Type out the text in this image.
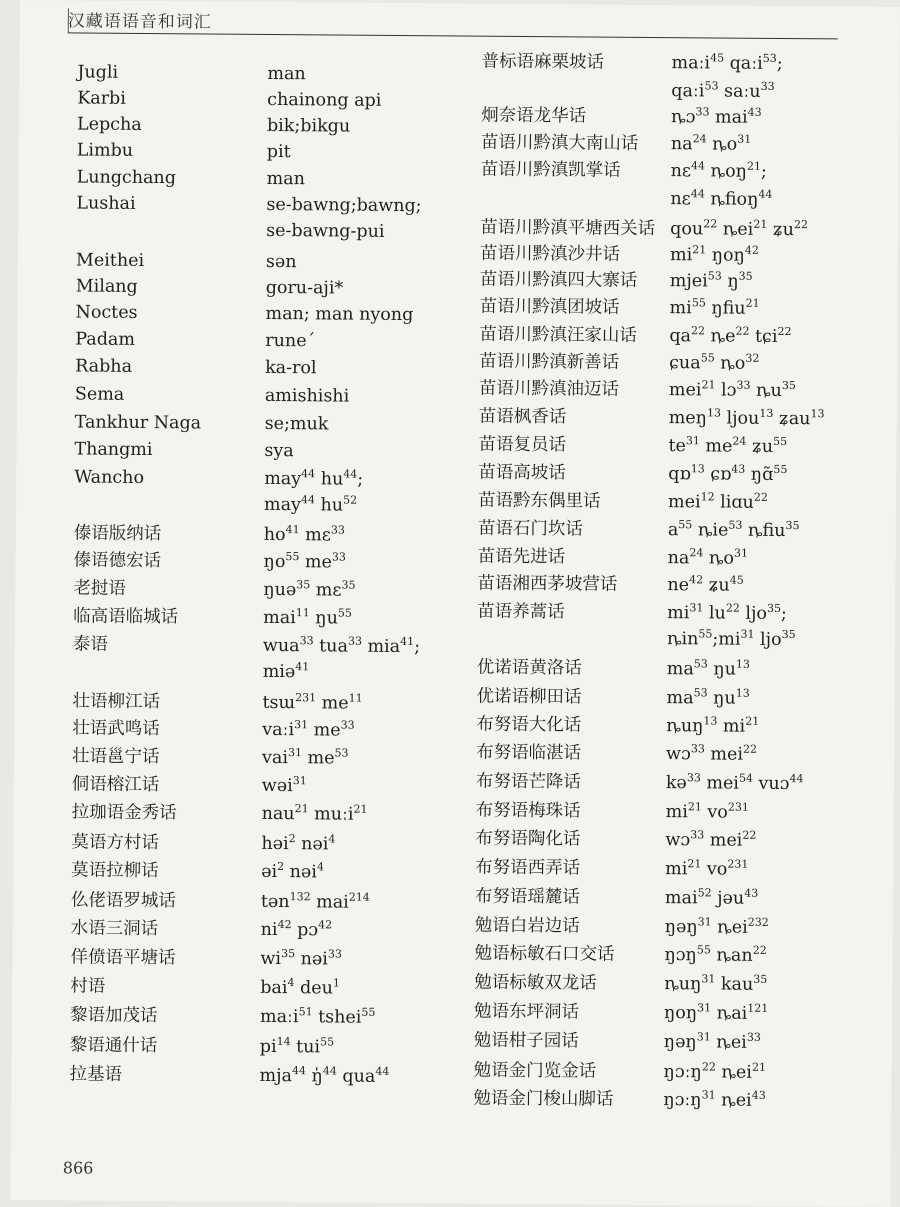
汉藏语语音和词汇
Jugli	man
Karbi	chainong api
Lepcha	bik;bikgu
Limbu	pit
Lungchang	man
Lushai	se-bawng;bawng;
se-bawng-pui
Meithei	sən
Milang	goru-aji*
Noctes	man; man nyong
Padam	rune´
Rabha	ka-rol
Sema	amishishi
Tankhur Naga	se;muk
Thangmi	sya
Wancho	may$^{44}$ $hu^{44}$;
may$^{44}$ $hu^{52}$
傣语版纳话	$ho^{41}$ mɛ$^{33}$
傣语德宏话	$ŋo^{55}$ $me^{33}$
老挝语	ŋuə$^{35}$ mɛ$^{35}$
临高语临城话	mai$^{11}$ $ŋu^{55}$
泰语	wua$^{33}$ tua$^{33}$ mia$^{41}$;
miə$^{41}$
壮语柳江话	tsɯ$^{231}$ $me^{11}$
壮语武鸣话	vaːi$^{31}$ $me^{33}$
壮语邕宁话	vai$^{31}$ $me^{53}$
侗语榕江话	wəi$^{31}$
拉珈语金秀话	nau$^{21}$ muːi$^{21}$
莫语方村话	həi$^2$ nəi$^4$
莫语拉柳话	əi$^2$ nəi$^4$
仫佬语罗城话	tən$^{132}$ mai$^{214}$
水语三洞话	$ni^{42}$ pɔ$^{42}$
佯偾语平塘话	$wi^{35}$ nəi$^{33}$
村语	bai$^4$ deu$^1$
黎语加茂话	maːi$^{51}$ tshei$^{55}$
黎语通什话	$pi^{14}$ tui$^{55}$
拉基语	mja$^{44}$ ŋ̍$^{44}$ qua$^{44}$
普标语麻栗坡话	maːi$^{45}$ qaːi$^{53}$;
qaːi$^{53}$ saːu$^{33}$
炯奈语龙华话	ȵɔ$^{33}$ mai$^{43}$
苗语川黔滇大南山话 $na^{24}$ $ȵo^{31}$
苗语川黔滇凯掌话	nɛ$^{44}$ ȵoŋ$^{21}$;
nɛ$^{44}$ ȵfioŋ$^{44}$
苗语川黔滇平塘西关话 qou$^{22}$ ȵei$^{21}$ ʑu$^{22}$
苗语川黔滇沙井话	$mi^{21}$ ŋoŋ$^{42}$
苗语川黔滇四大寨话 mjei$^{53}$ $ŋ^{35}$
苗语川黔滇团坡话	$mi^{55}$ ŋfiu$^{21}$
苗语川黔滇汪家山话 $qa^{22}$ $ȵe^{22}$ tɕi$^{22}$
苗语川黔滇新善话	ɕua$^{55}$ $ȵo^{32}$
苗语川黔滇油迈话	mei$^{21}$ lɔ$^{33}$ $ȵu^{35}$
苗语枫香话	meŋ$^{13}$ ljou$^{13}$ ʑau$^{13}$
苗语复员话	$te^{31}$ $me^{24}$ ʑu$^{55}$
苗语高坡话	qɒ$^{13}$ ɕɒ$^{43}$ ŋɑ̃$^{55}$
苗语黔东偶里话	mei$^{12}$ liɑu$^{22}$
苗语石门坎话	$a^{55}$ ȵie$^{53}$ ȵfiu$^{35}$
苗语先进话	$na^{24}$ $ȵo^{31}$
苗语湘西茅坡营话	$ne^{42}$ ʑu$^{45}$
苗语养蒿话	$mi^{31}$ $lu^{22}$ ljo$^{35}$;
$ȵin^{55};mi^{31}$ ljo$^{35}$
优诺语黄洛话	$ma^{53}$ $ŋu^{13}$
优诺语柳田话	$ma^{53}$ $ŋu^{13}$
布努语大化话	ȵuŋ$^{13}$ $mi^{21}$
布努语临湛话	wɔ$^{33}$ mei$^{22}$
布努语芒降话	kə$^{33}$ mei$^{54}$ vuɔ$^{44}$
布努语梅珠话	$mi^{21}$ $vo^{231}$
布努语陶化话	wɔ$^{33}$ mei$^{22}$
布努语西弄话	$mi^{21}$ $vo^{231}$
布努语瑶麓话	mai$^{52}$ jəu$^{43}$
勉语白岩边话	ŋəŋ$^{31}$ ȵei$^{232}$
勉语标敏石口交话	ŋɔŋ$^{55}$ ȵan$^{22}$
勉语标敏双龙话	ȵuŋ$^{31}$ kau$^{35}$
勉语东坪洞话	ŋoŋ$^{31}$ ȵai$^{121}$
勉语柑子园话	ŋəŋ$^{31}$ ȵei$^{33}$
勉语金门览金话	ŋɔːŋ$^{22}$ ȵei$^{21}$
勉语金门梭山脚话	ŋɔːŋ$^{31}$ ȵei$^{43}$
866
